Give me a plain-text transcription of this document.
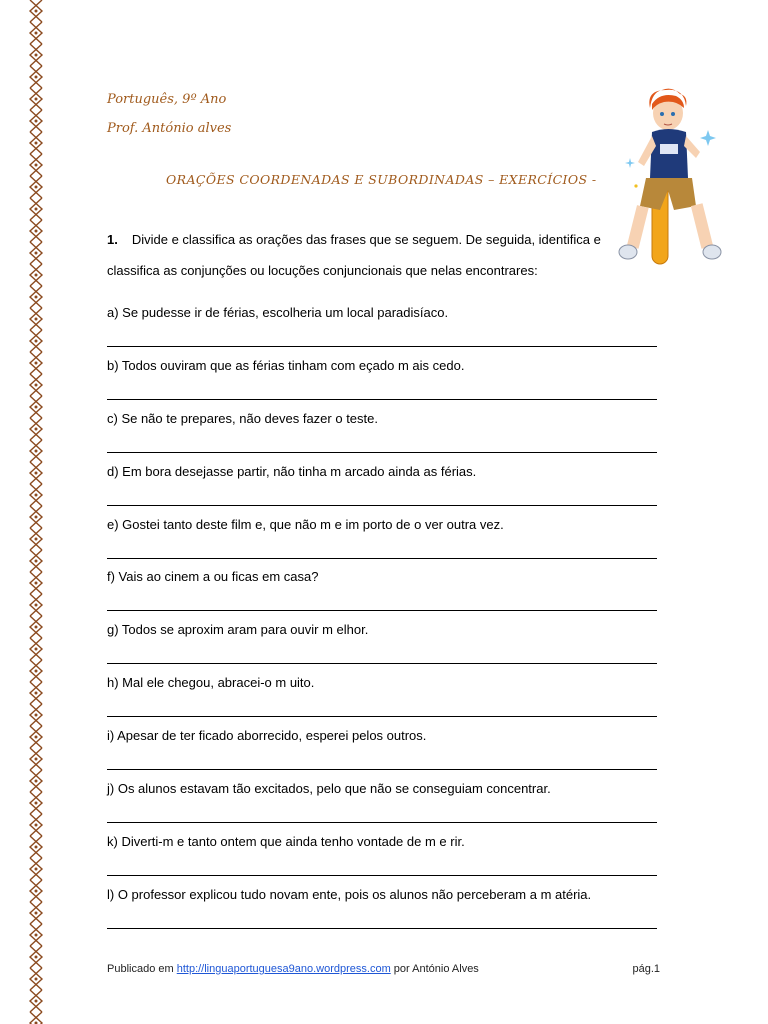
Português, 9º Ano
Prof. António alves
ORAÇÕES COORDENADAS E SUBORDINADAS – EXERCÍCIOS -
1. Divide e classifica as orações das frases que se seguem. De seguida, identifica e classifica as conjunções ou locuções conjuncionais que nelas encontrares:
a) Se pudesse ir de férias, escolheria um local paradisíaco.
b) Todos ouviram que as férias tinham com eçado m ais cedo.
c) Se não te prepares, não deves fazer o teste.
d) Em bora desejasse partir, não tinha m arcado ainda as férias.
e) Gostei tanto deste film e, que não m e im porto de o ver outra vez.
f) Vais ao cinem a ou ficas em casa?
g) Todos se aproxim aram para ouvir m elhor.
h) Mal ele chegou, abracei-o m uito.
i) Apesar de ter ficado aborrecido, esperei pelos outros.
j) Os alunos estavam tão excitados, pelo que não se conseguiam concentrar.
k) Diverti-m e tanto ontem que ainda tenho vontade de m e rir.
l) O professor explicou tudo novam ente, pois os alunos não perceberam a m atéria.
Publicado em http://linguaportuguesa9ano.wordpress.com por António Alves	pág.1
